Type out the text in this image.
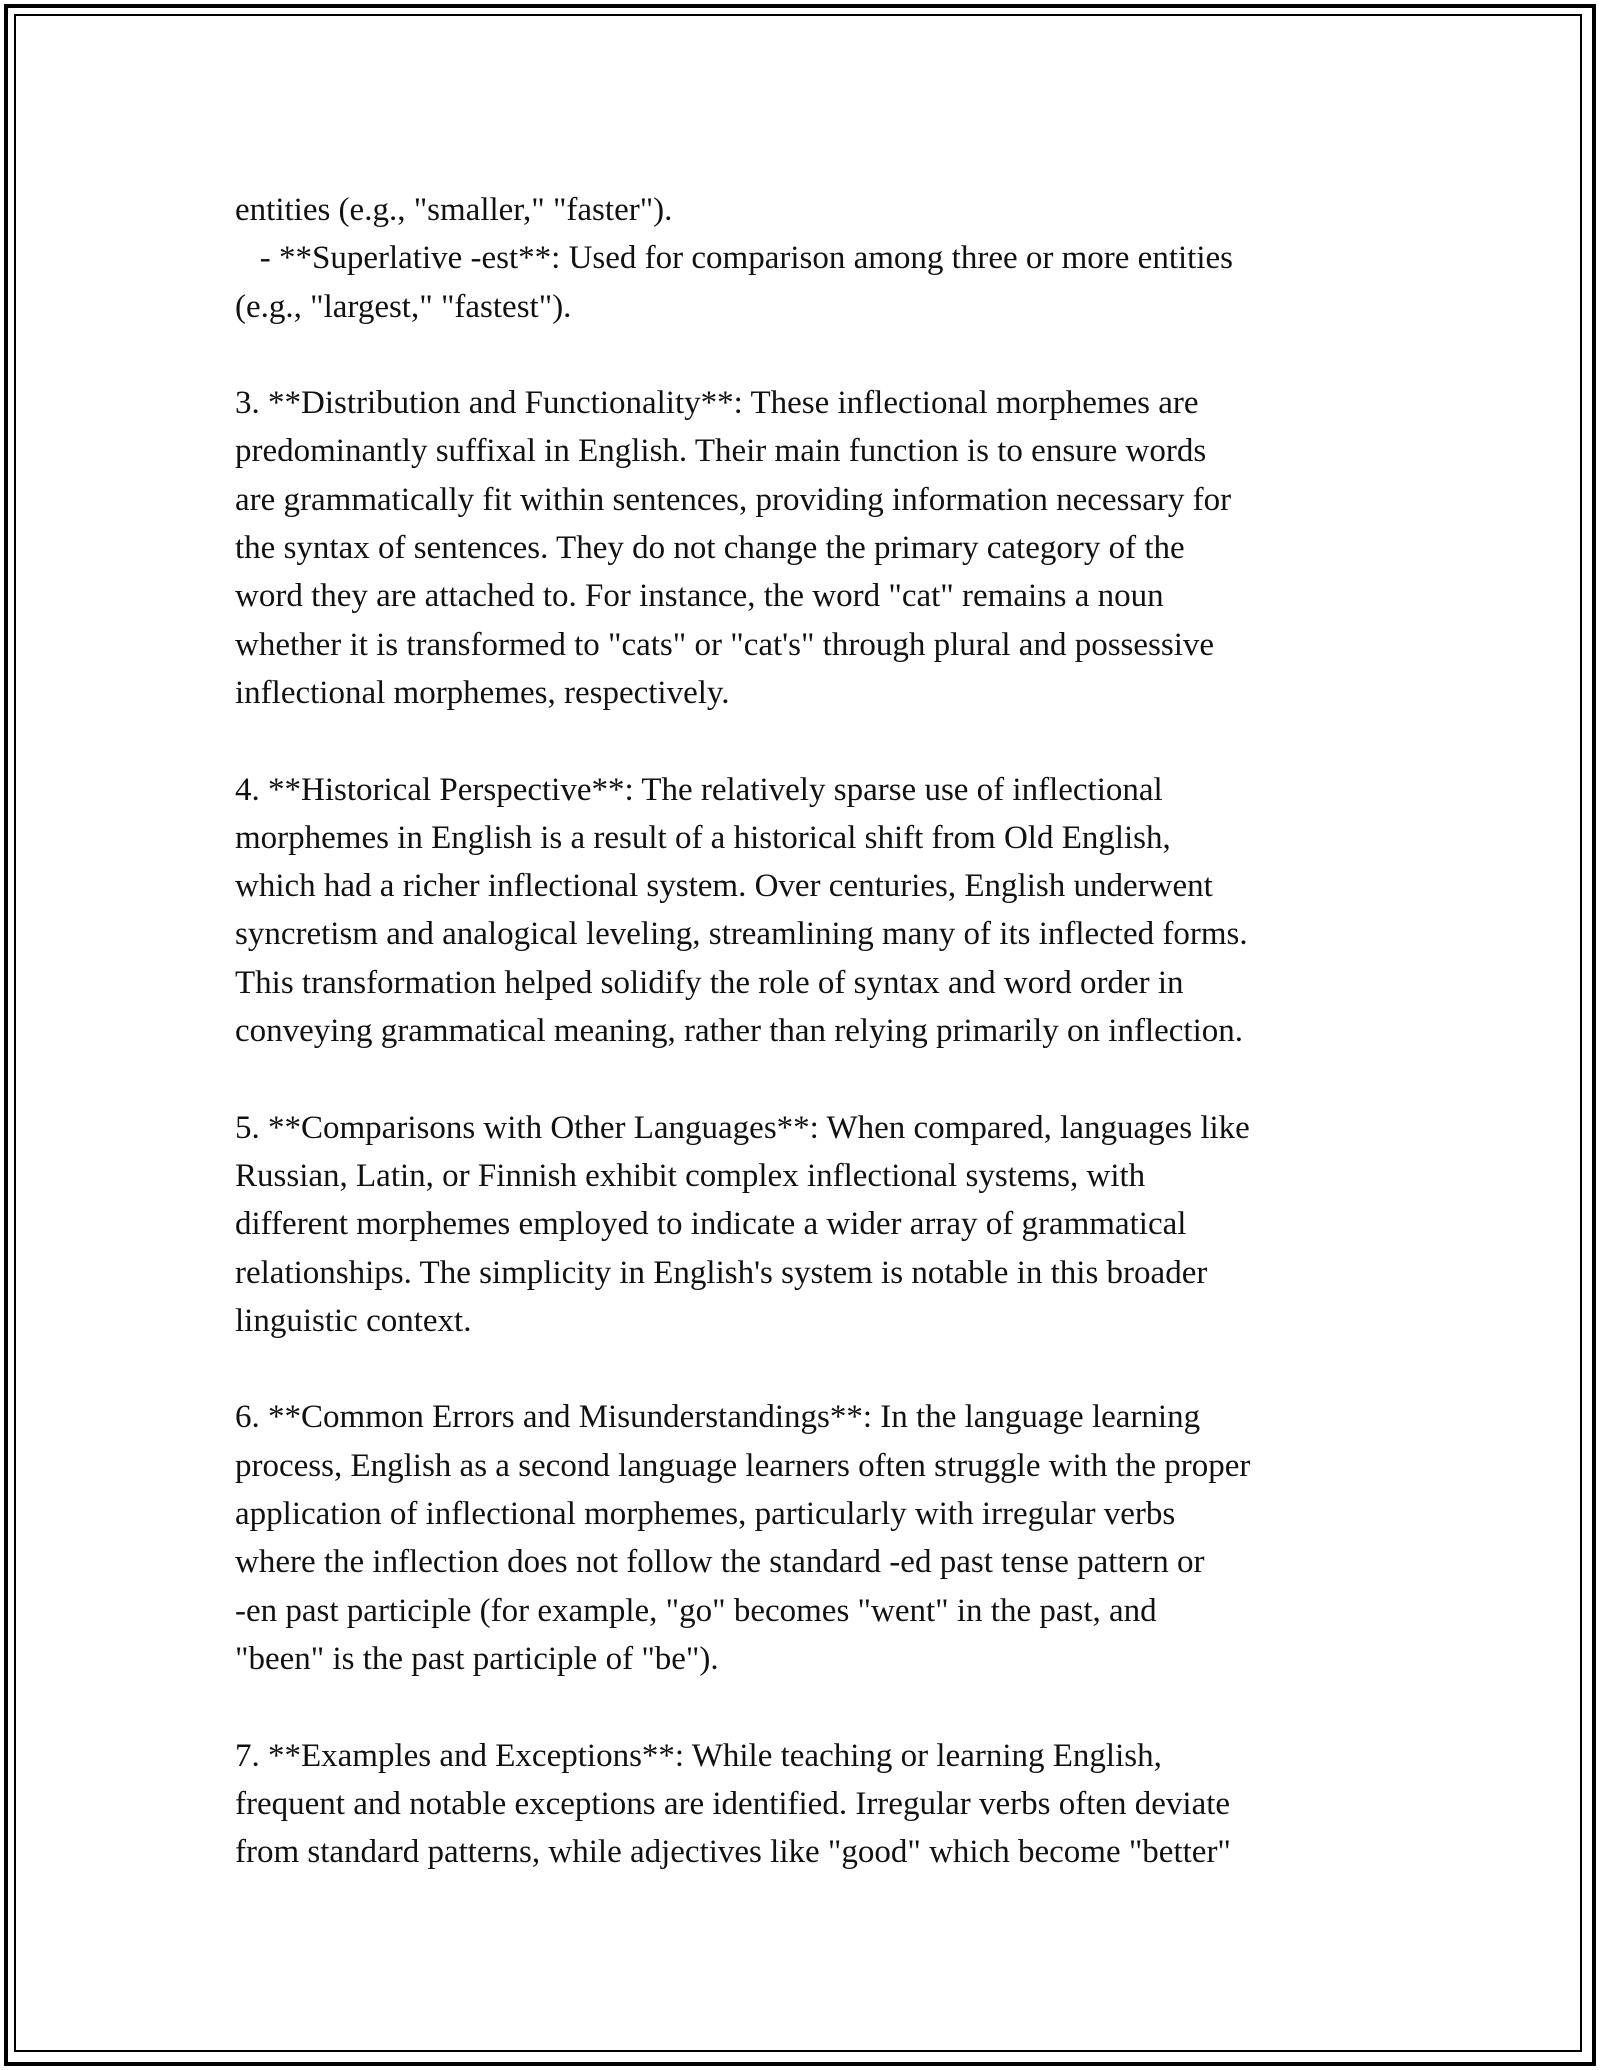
entities (e.g., "smaller," "faster").
- **Superlative -est**: Used for comparison among three or more entities
(e.g., "largest," "fastest").
3. **Distribution and Functionality**: These inflectional morphemes are
predominantly suffixal in English. Their main function is to ensure words
are grammatically fit within sentences, providing information necessary for
the syntax of sentences. They do not change the primary category of the
word they are attached to. For instance, the word "cat" remains a noun
whether it is transformed to "cats" or "cat's" through plural and possessive
inflectional morphemes, respectively.
4. **Historical Perspective**: The relatively sparse use of inflectional
morphemes in English is a result of a historical shift from Old English,
which had a richer inflectional system. Over centuries, English underwent
syncretism and analogical leveling, streamlining many of its inflected forms.
This transformation helped solidify the role of syntax and word order in
conveying grammatical meaning, rather than relying primarily on inflection.
5. **Comparisons with Other Languages**: When compared, languages like
Russian, Latin, or Finnish exhibit complex inflectional systems, with
different morphemes employed to indicate a wider array of grammatical
relationships. The simplicity in English's system is notable in this broader
linguistic context.
6. **Common Errors and Misunderstandings**: In the language learning
process, English as a second language learners often struggle with the proper
application of inflectional morphemes, particularly with irregular verbs
where the inflection does not follow the standard -ed past tense pattern or
-en past participle (for example, "go" becomes "went" in the past, and
"been" is the past participle of "be").
7. **Examples and Exceptions**: While teaching or learning English,
frequent and notable exceptions are identified. Irregular verbs often deviate
from standard patterns, while adjectives like "good" which become "better"
